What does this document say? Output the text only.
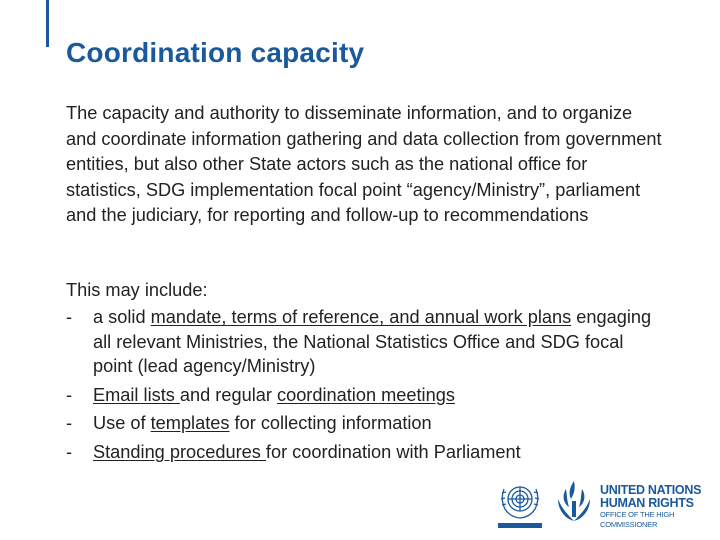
Coordination capacity

The capacity and authority to disseminate information, and to organize and coordinate information gathering and data collection from government entities, but also other State actors such as the national office for statistics, SDG implementation focal point “agency/Ministry”, parliament and the judiciary, for reporting and follow-up to recommendations

This may include:

- a solid mandate, terms of reference, and annual work plans engaging all relevant Ministries, the National Statistics Office and SDG focal point (lead agency/Ministry)
- Email lists and regular coordination meetings
- Use of templates for collecting information
- Standing procedures for coordination with Parliament
UNITED NATIONS
HUMAN RIGHTS
OFFICE OF THE HIGH COMMISSIONER
